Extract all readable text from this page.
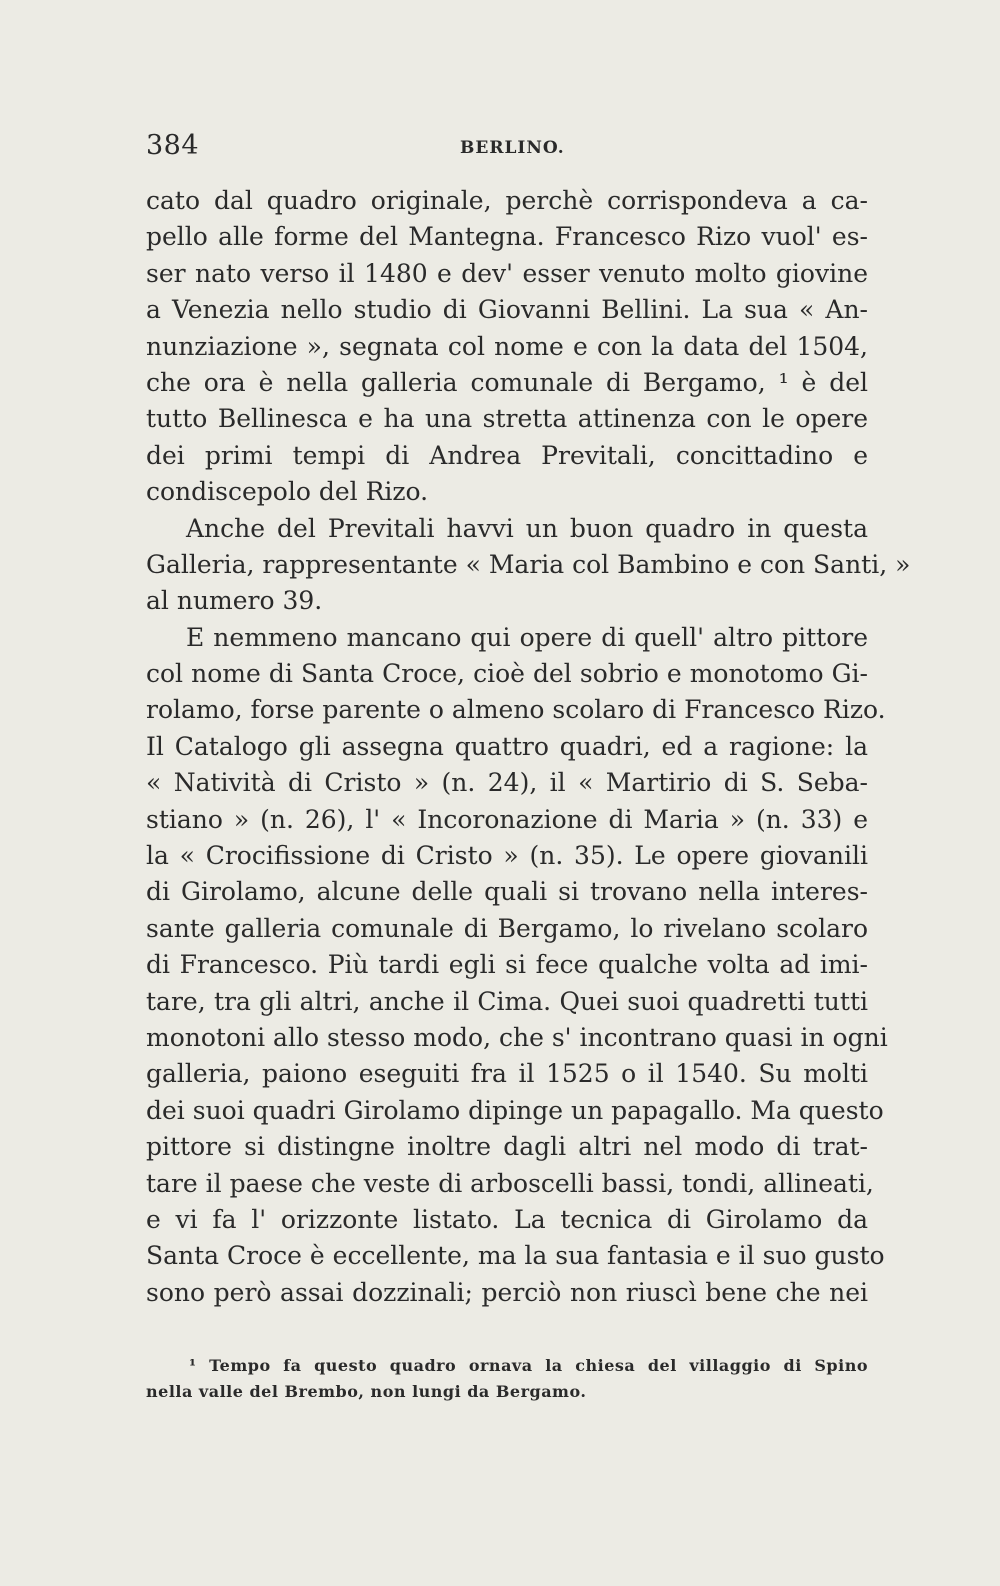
384	BERLINO.
cato dal quadro originale, perchè corrispondeva a ca-
pello alle forme del Mantegna. Francesco Rizo vuol' es-
ser nato verso il 1480 e dev' esser venuto molto giovine
a Venezia nello studio di Giovanni Bellini. La sua « An-
nunziazione », segnata col nome e con la data del 1504,
che ora è nella galleria comunale di Bergamo, ¹ è del
tutto Bellinesca e ha una stretta attinenza con le opere
dei primi tempi di Andrea Previtali, concittadino e
condiscepolo del Rizo.
Anche del Previtali havvi un buon quadro in questa
Galleria, rappresentante « Maria col Bambino e con Santi, »
al numero 39.
E nemmeno mancano qui opere di quell' altro pittore
col nome di Santa Croce, cioè del sobrio e monotomo Gi-
rolamo, forse parente o almeno scolaro di Francesco Rizo.
Il Catalogo gli assegna quattro quadri, ed a ragione: la
« Natività di Cristo » (n. 24), il « Martirio di S. Seba-
stiano » (n. 26), l' « Incoronazione di Maria » (n. 33) e
la « Crocifissione di Cristo » (n. 35). Le opere giovanili
di Girolamo, alcune delle quali si trovano nella interes-
sante galleria comunale di Bergamo, lo rivelano scolaro
di Francesco. Più tardi egli si fece qualche volta ad imi-
tare, tra gli altri, anche il Cima. Quei suoi quadretti tutti
monotoni allo stesso modo, che s' incontrano quasi in ogni
galleria, paiono eseguiti fra il 1525 o il 1540. Su molti
dei suoi quadri Girolamo dipinge un papagallo. Ma questo
pittore si distingne inoltre dagli altri nel modo di trat-
tare il paese che veste di arboscelli bassi, tondi, allineati,
e vi fa l' orizzonte listato. La tecnica di Girolamo da
Santa Croce è eccellente, ma la sua fantasia e il suo gusto
sono però assai dozzinali; perciò non riuscì bene che nei
¹ Tempo fa questo quadro ornava la chiesa del villaggio di Spino
nella valle del Brembo, non lungi da Bergamo.
